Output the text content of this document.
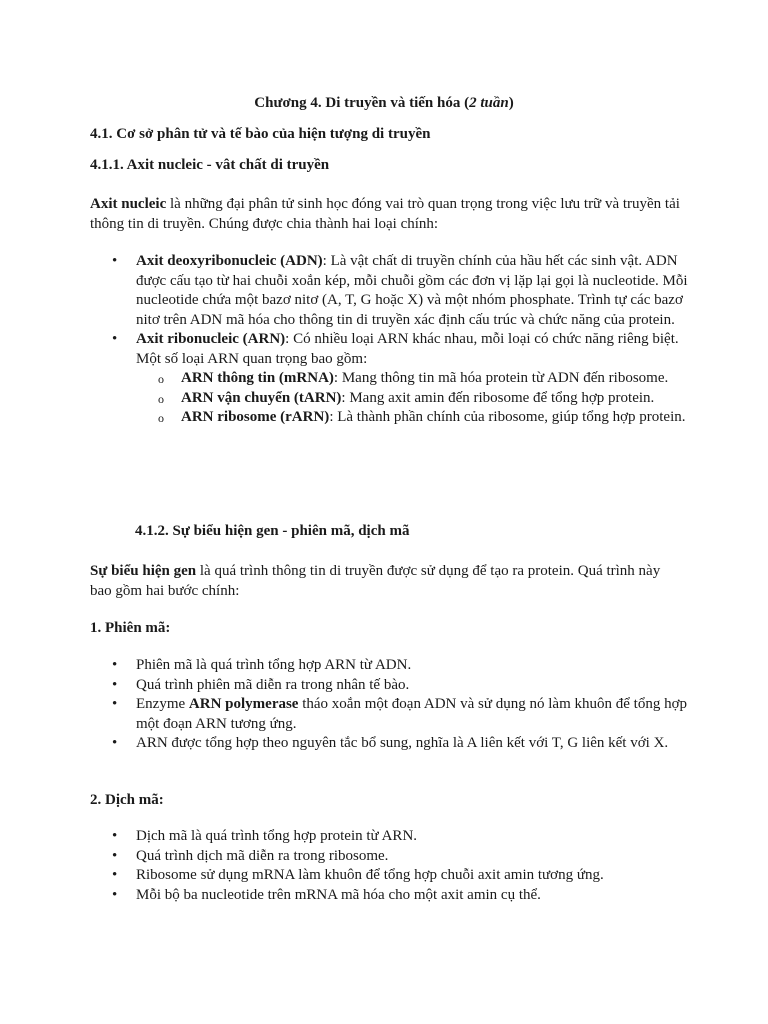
Chương 4. Di truyền và tiến hóa (2 tuần)

4.1. Cơ sở phân tử và tế bào của hiện tượng di truyền

4.1.1. Axit nucleic - vât chất di truyền

Axit nucleic là những đại phân tử sinh học đóng vai trò quan trọng trong việc lưu trữ và truyền tải thông tin di truyền. Chúng được chia thành hai loại chính:

• Axit deoxyribonucleic (ADN): Là vật chất di truyền chính của hầu hết các sinh vật. ADN được cấu tạo từ hai chuỗi xoắn kép, mỗi chuỗi gồm các đơn vị lặp lại gọi là nucleotide. Mỗi nucleotide chứa một bazơ nitơ (A, T, G hoặc X) và một nhóm phosphate. Trình tự các bazơ nitơ trên ADN mã hóa cho thông tin di truyền xác định cấu trúc và chức năng của protein.
• Axit ribonucleic (ARN): Có nhiều loại ARN khác nhau, mỗi loại có chức năng riêng biệt. Một số loại ARN quan trọng bao gồm:
o ARN thông tin (mRNA): Mang thông tin mã hóa protein từ ADN đến ribosome.
o ARN vận chuyển (tARN): Mang axit amin đến ribosome để tổng hợp protein.
o ARN ribosome (rARN): Là thành phần chính của ribosome, giúp tổng hợp protein.

4.1.2. Sự biểu hiện gen - phiên mã, dịch mã

Sự biểu hiện gen là quá trình thông tin di truyền được sử dụng để tạo ra protein. Quá trình này bao gồm hai bước chính:

1. Phiên mã:

• Phiên mã là quá trình tổng hợp ARN từ ADN.
• Quá trình phiên mã diễn ra trong nhân tế bào.
• Enzyme ARN polymerase tháo xoắn một đoạn ADN và sử dụng nó làm khuôn để tổng hợp một đoạn ARN tương ứng.
• ARN được tổng hợp theo nguyên tắc bổ sung, nghĩa là A liên kết với T, G liên kết với X.

2. Dịch mã:

• Dịch mã là quá trình tổng hợp protein từ ARN.
• Quá trình dịch mã diễn ra trong ribosome.
• Ribosome sử dụng mRNA làm khuôn để tổng hợp chuỗi axit amin tương ứng.
• Mỗi bộ ba nucleotide trên mRNA mã hóa cho một axit amin cụ thể.
